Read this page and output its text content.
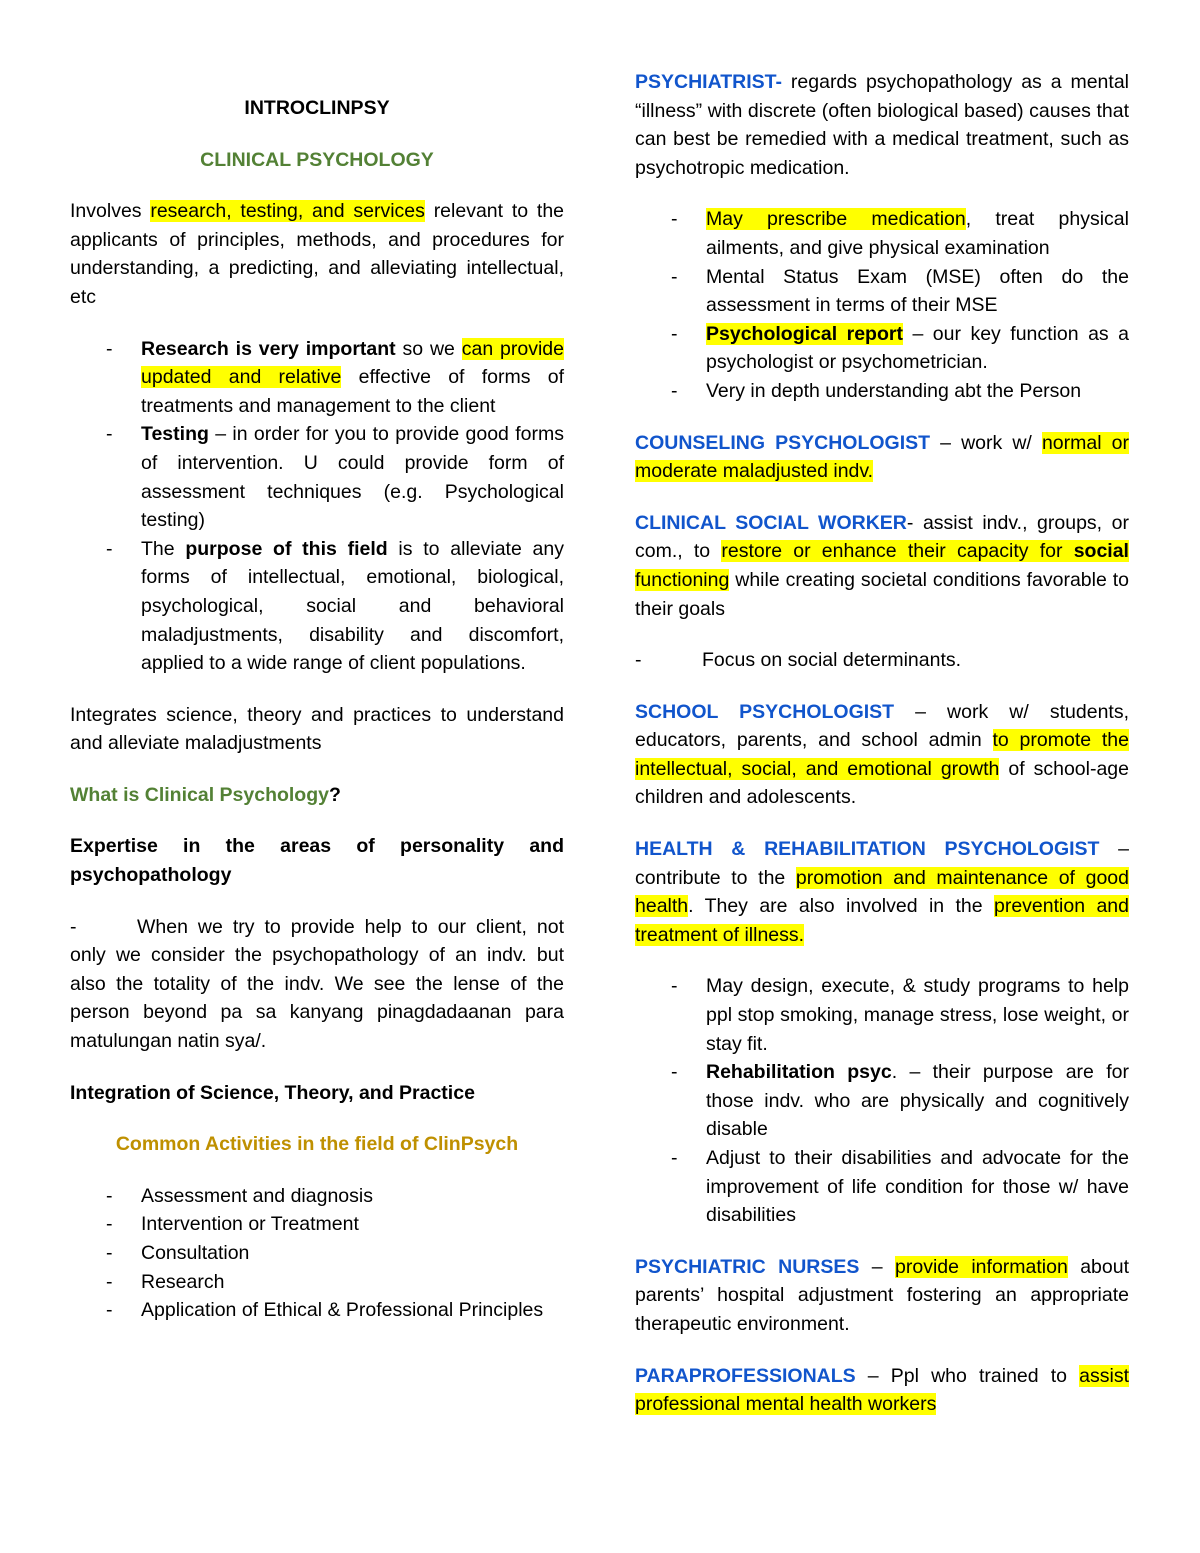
INTROCLINPSY

CLINICAL PSYCHOLOGY

Involves research, testing, and services relevant to the applicants of principles, methods, and procedures for understanding, a predicting, and alleviating intellectual, etc

- Research is very important so we can provide updated and relative effective of forms of treatments and management to the client
- Testing – in order for you to provide good forms of intervention. U could provide form of assessment techniques (e.g. Psychological testing)
- The purpose of this field is to alleviate any forms of intellectual, emotional, biological, psychological, social and behavioral maladjustments, disability and discomfort, applied to a wide range of client populations.

Integrates science, theory and practices to understand and alleviate maladjustments

What is Clinical Psychology?

Expertise in the areas of personality and psychopathology

-	When we try to provide help to our client, not only we consider the psychopathology of an indv. but also the totality of the indv. We see the lense of the person beyond pa sa kanyang pinagdadaanan para matulungan natin sya/.

Integration of Science, Theory, and Practice

Common Activities in the field of ClinPsych

- Assessment and diagnosis
- Intervention or Treatment
- Consultation
- Research
- Application of Ethical & Professional Principles

PSYCHIATRIST- regards psychopathology as a mental “illness” with discrete (often biological based) causes that can best be remedied with a medical treatment, such as psychotropic medication.

- May prescribe medication, treat physical ailments, and give physical examination
- Mental Status Exam (MSE) often do the assessment in terms of their MSE
- Psychological report – our key function as a psychologist or psychometrician.
- Very in depth understanding abt the Person

COUNSELING PSYCHOLOGIST – work w/ normal or moderate maladjusted indv.

CLINICAL SOCIAL WORKER- assist indv., groups, or com., to restore or enhance their capacity for social functioning while creating societal conditions favorable to their goals

-	Focus on social determinants.

SCHOOL PSYCHOLOGIST – work w/ students, educators, parents, and school admin to promote the intellectual, social, and emotional growth of school-age children and adolescents.

HEALTH & REHABILITATION PSYCHOLOGIST – contribute to the promotion and maintenance of good health. They are also involved in the prevention and treatment of illness.

- May design, execute, & study programs to help ppl stop smoking, manage stress, lose weight, or stay fit.
- Rehabilitation psyc. – their purpose are for those indv. who are physically and cognitively disable
- Adjust to their disabilities and advocate for the improvement of life condition for those w/ have disabilities

PSYCHIATRIC NURSES – provide information about parents’ hospital adjustment fostering an appropriate therapeutic environment.

PARAPROFESSIONALS – Ppl who trained to assist professional mental health workers
